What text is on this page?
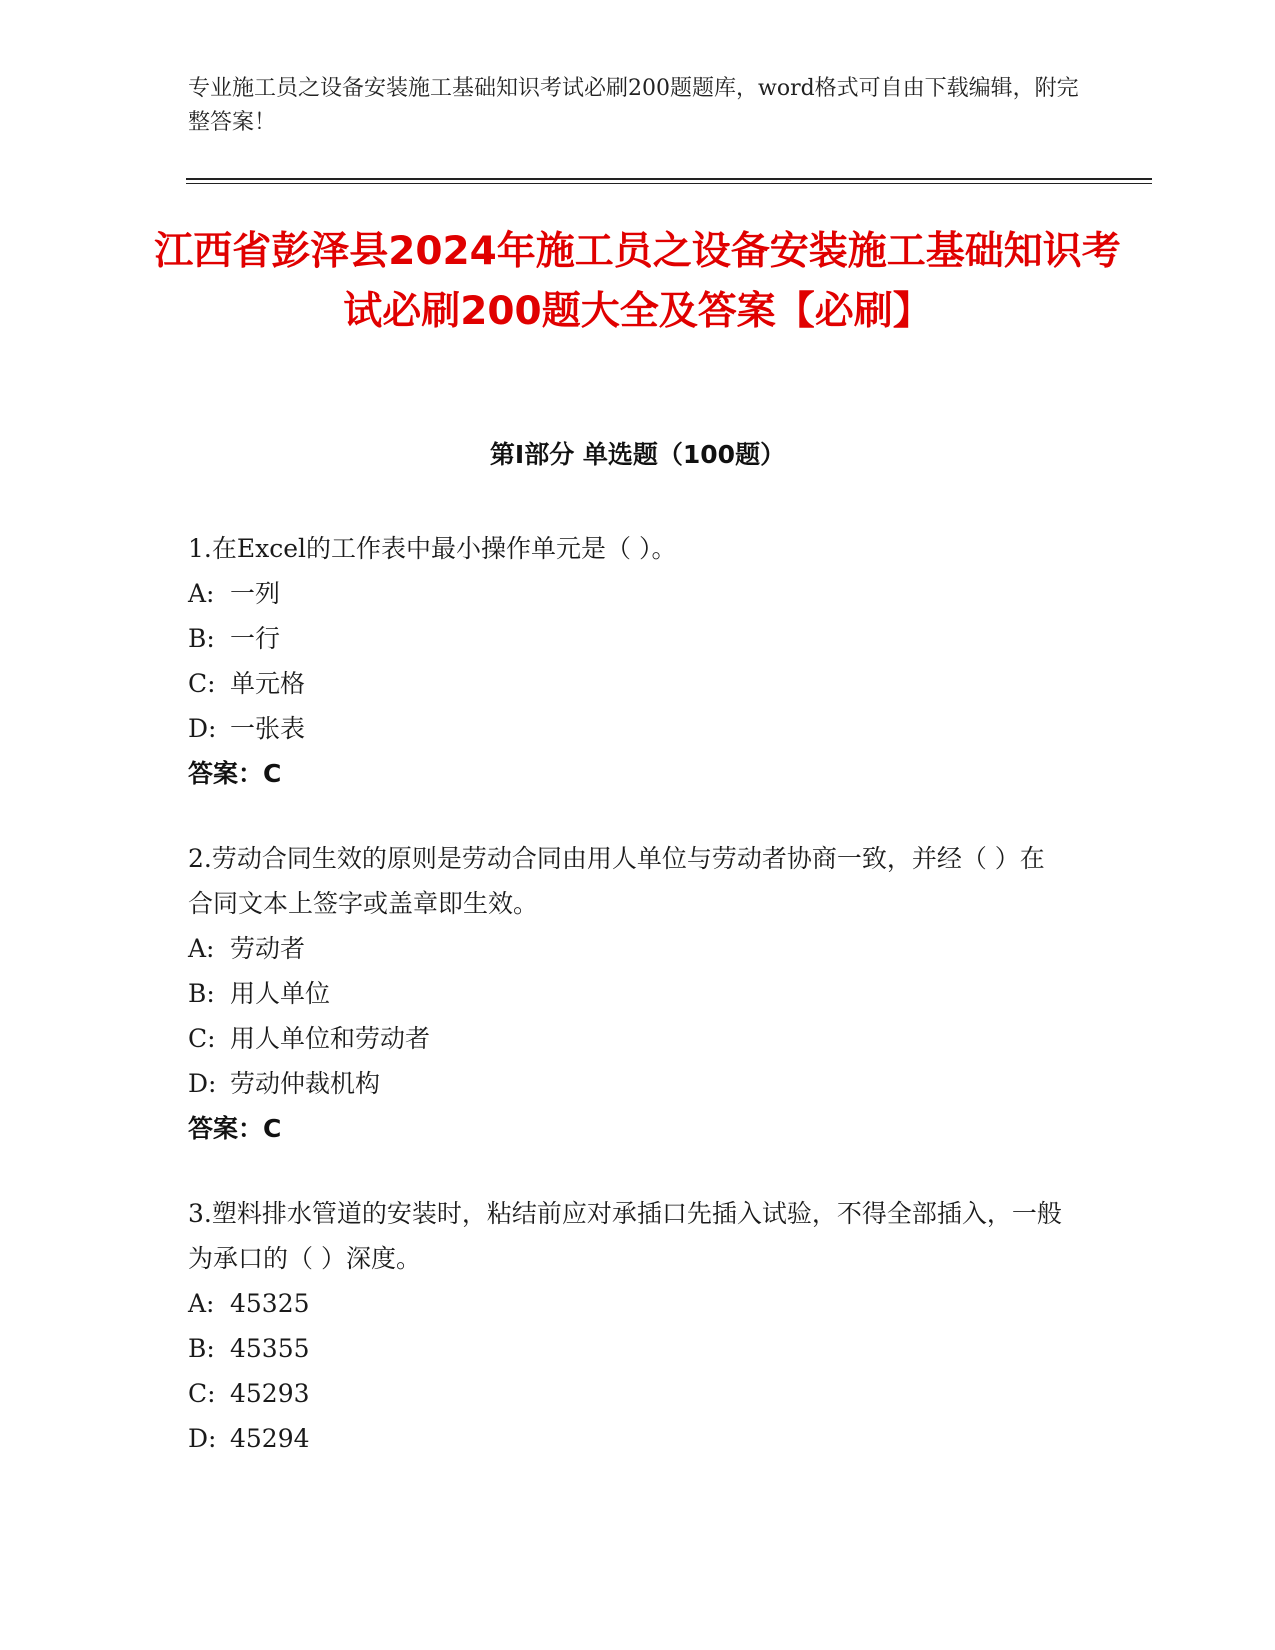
专业施工员之设备安装施工基础知识考试必刷200题题库，word格式可自由下载编辑，附完整答案！
江西省彭泽县2024年施工员之设备安装施工基础知识考试必刷200题大全及答案【必刷】
第I部分 单选题（100题）
1.在Excel的工作表中最小操作单元是（ ）。
A: 一列
B: 一行
C: 单元格
D: 一张表
答案：C
2.劳动合同生效的原则是劳动合同由用人单位与劳动者协商一致，并经（ ）在合同文本上签字或盖章即生效。
A: 劳动者
B: 用人单位
C: 用人单位和劳动者
D: 劳动仲裁机构
答案：C
3.塑料排水管道的安装时，粘结前应对承插口先插入试验，不得全部插入，一般为承口的（ ）深度。
A: 45325
B: 45355
C: 45293
D: 45294
